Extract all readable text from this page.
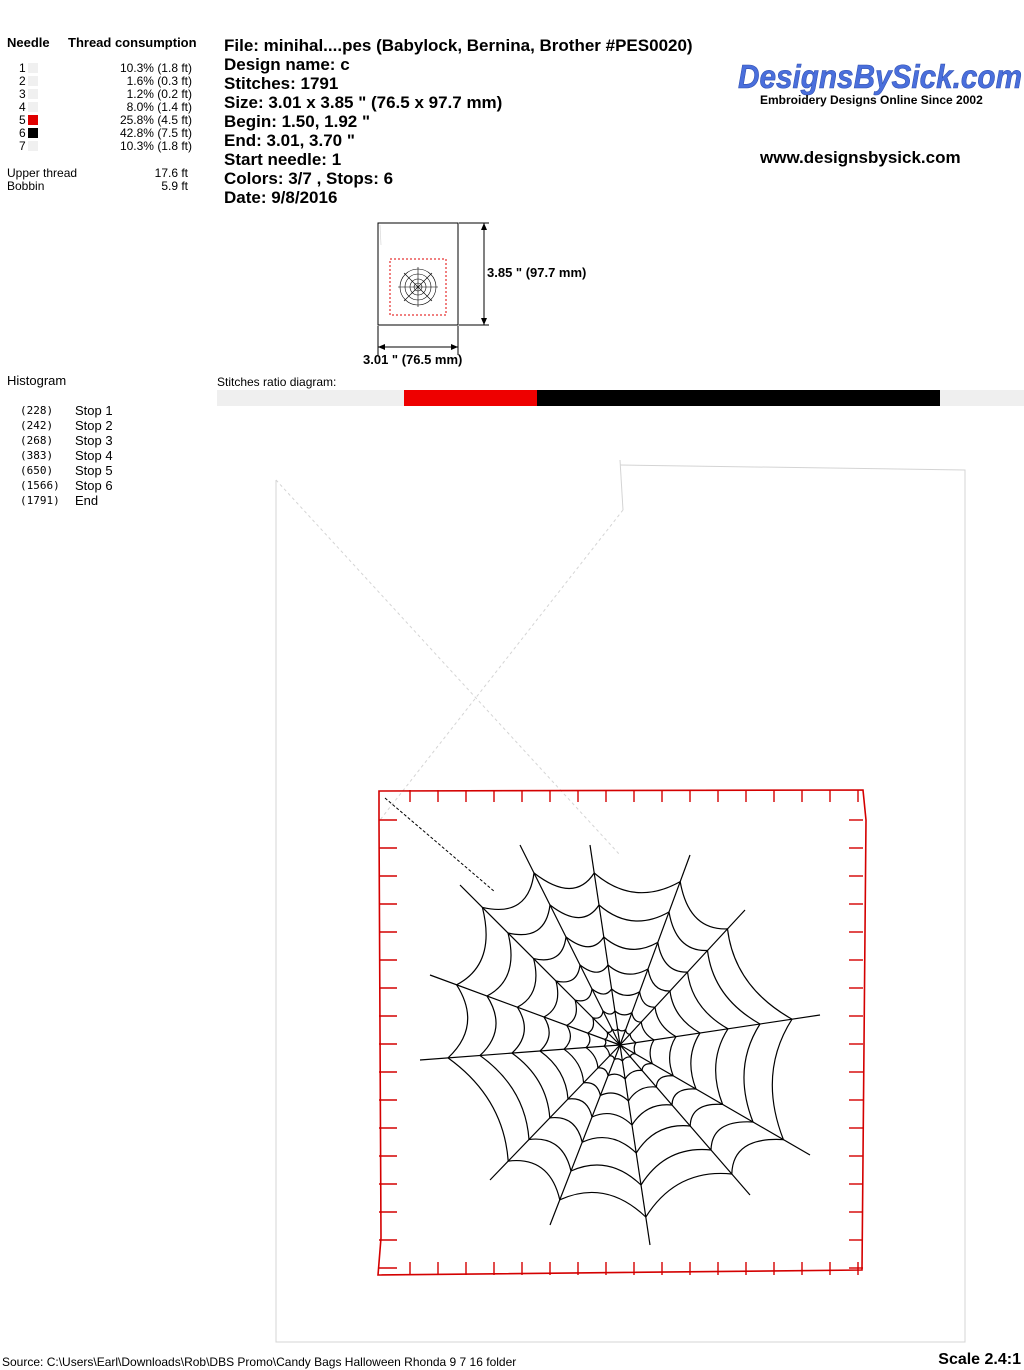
Needle Thread consumption
1	10.3% (1.8 ft)
2	1.6% (0.3 ft)
3	1.2% (0.2 ft)
4	8.0% (1.4 ft)
5	25.8% (4.5 ft)
6	42.8% (7.5 ft)
7	10.3% (1.8 ft)
Upper thread	17.6 ft
Bobbin	5.9 ft
File: minihal....pes (Babylock, Bernina, Brother #PES0020)
Design name: c
Stitches: 1791
Size: 3.01 x 3.85 " (76.5 x 97.7 mm)
Begin: 1.50, 1.92 "
End: 3.01, 3.70 "
Start needle: 1
Colors: 3/7 , Stops: 6
Date: 9/8/2016
DesignsBySick.com
Embroidery Designs Online Since 2002
www.designsbysick.com
3.85 " (97.7 mm)
3.01 " (76.5 mm)
Histogram
(228) Stop 1
(242) Stop 2
(268) Stop 3
(383) Stop 4
(650) Stop 5
(1566) Stop 6
(1791) End
Stitches ratio diagram:
Source: C:\Users\Earl\Downloads\Rob\DBS Promo\Candy Bags Halloween Rhonda 9 7 16 folder	Scale 2.4:1
